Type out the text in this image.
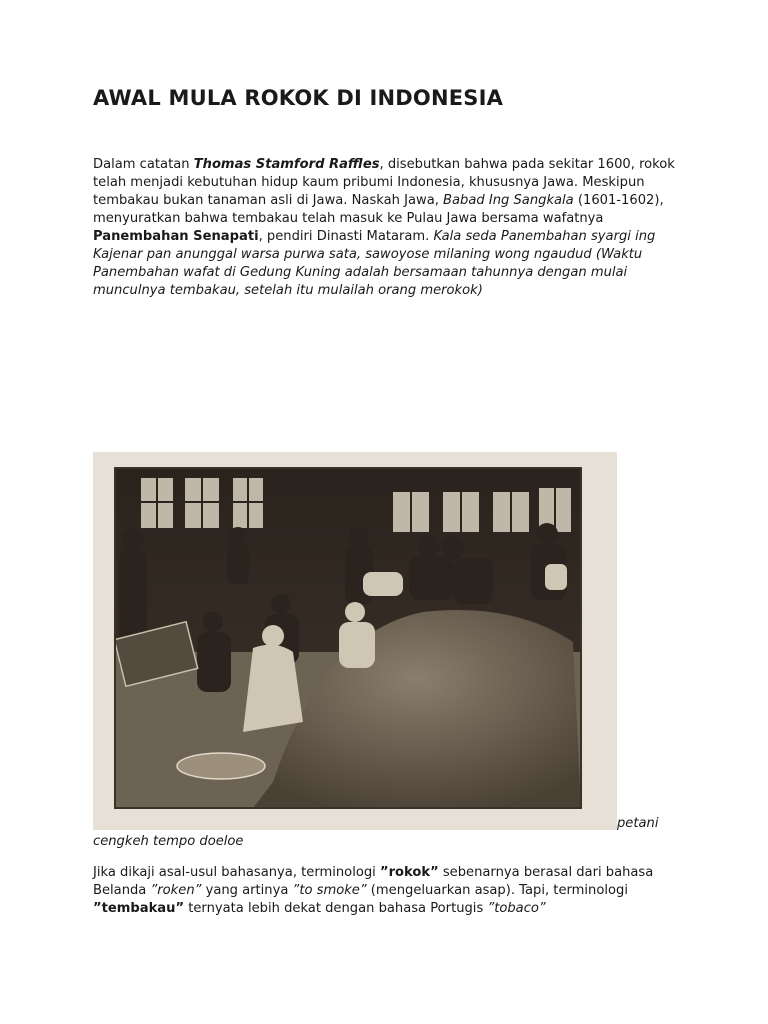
AWAL MULA ROKOK DI INDONESIA

Dalam catatan Thomas Stamford Raffles, disebutkan bahwa pada sekitar 1600, rokok telah menjadi kebutuhan hidup kaum pribumi Indonesia, khususnya Jawa. Meskipun tembakau bukan tanaman asli di Jawa. Naskah Jawa, Babad Ing Sangkala (1601-1602), menyuratkan bahwa tembakau telah masuk ke Pulau Jawa bersama wafatnya Panembahan Senapati, pendiri Dinasti Mataram. Kala seda Panembahan syargi ing Kajenar pan anunggal warsa purwa sata, sawoyose milaning wong ngaudud (Waktu Panembahan wafat di Gedung Kuning adalah bersamaan tahunnya dengan mulai munculnya tembakau, setelah itu mulailah orang merokok)

petani
cengkeh tempo doeloe

Jika dikaji asal-usul bahasanya, terminologi ”rokok” sebenarnya berasal dari bahasa Belanda ”roken” yang artinya ”to smoke” (mengeluarkan asap). Tapi, terminologi ”tembakau” ternyata lebih dekat dengan bahasa Portugis ”tobaco”
